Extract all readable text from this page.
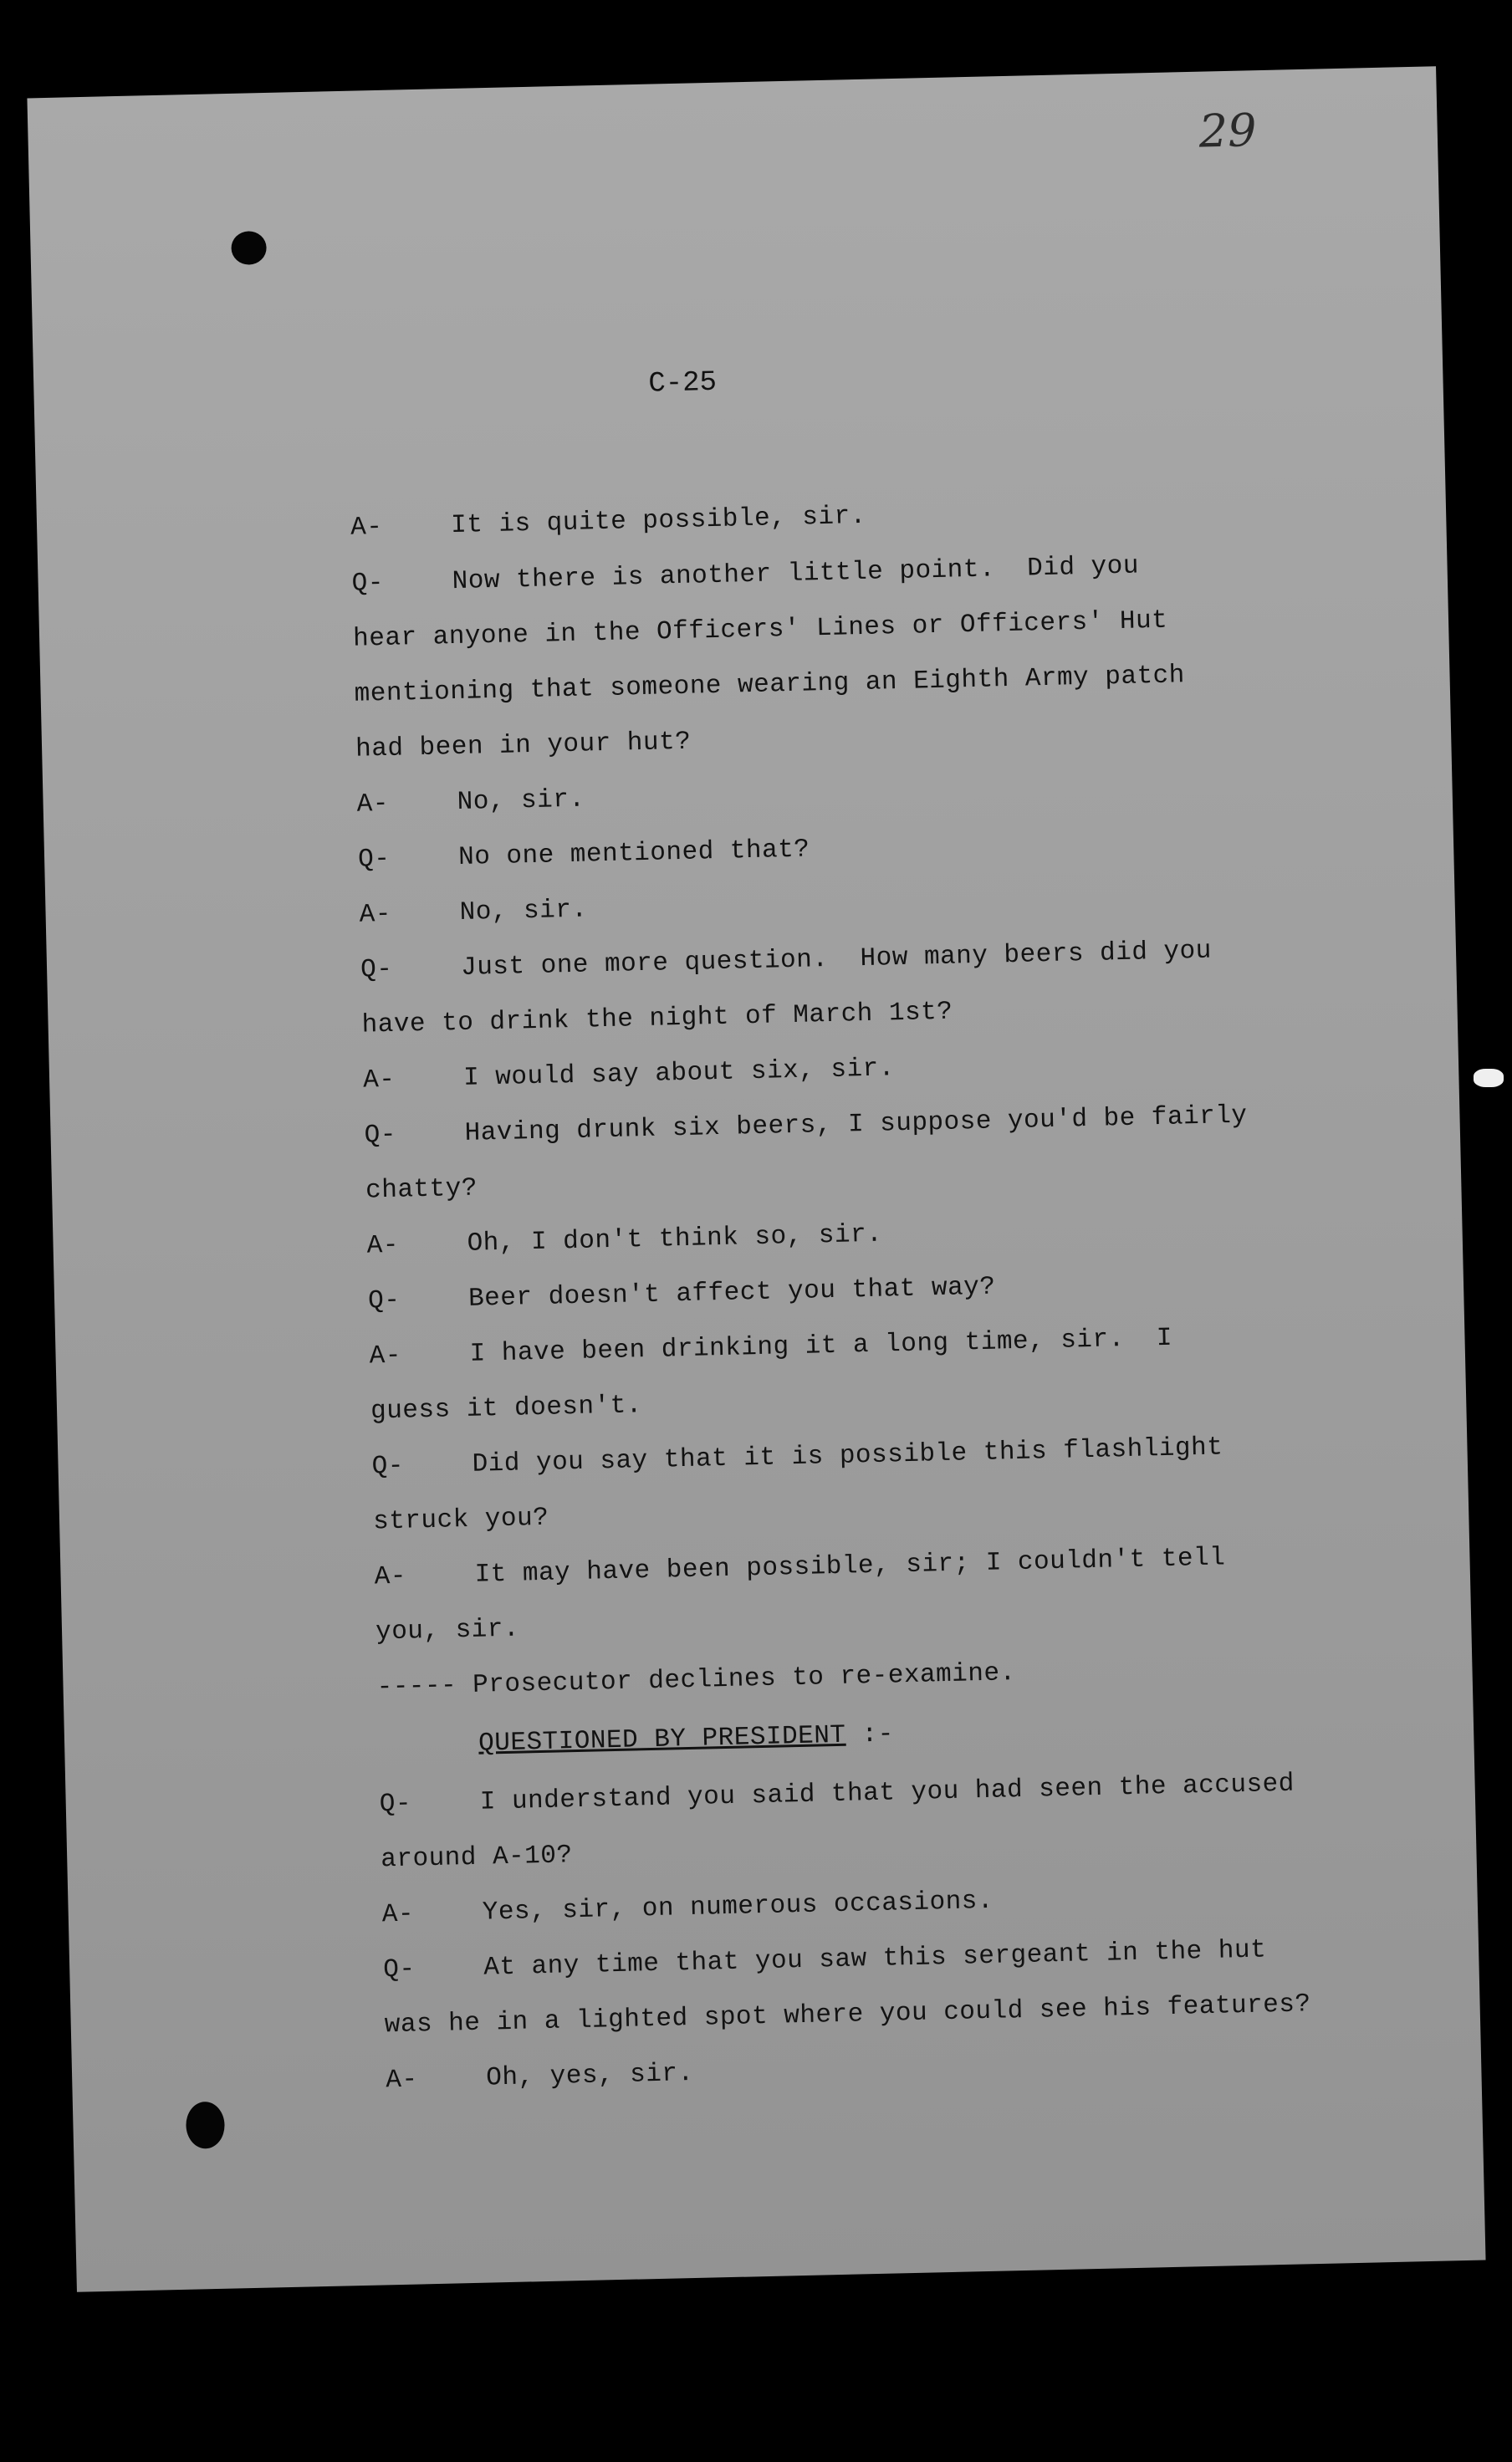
29
C-25
A-	It is quite possible, sir.
Q-	Now there is another little point.  Did you
hear anyone in the Officers' Lines or Officers' Hut
mentioning that someone wearing an Eighth Army patch
had been in your hut?
A-	No, sir.
Q-	No one mentioned that?
A-	No, sir.
Q-	Just one more question.  How many beers did you
have to drink the night of March 1st?
A-	I would say about six, sir.
Q-	Having drunk six beers, I suppose you'd be fairly
chatty?
A-	Oh, I don't think so, sir.
Q-	Beer doesn't affect you that way?
A-	I have been drinking it a long time, sir.  I
guess it doesn't.
Q-	Did you say that it is possible this flashlight
struck you?
A-	It may have been possible, sir; I couldn't tell
you, sir.
----- Prosecutor declines to re-examine.
QUESTIONED BY PRESIDENT :-
Q-	I understand you said that you had seen the accused
around A-10?
A-	Yes, sir, on numerous occasions.
Q-	At any time that you saw this sergeant in the hut
was he in a lighted spot where you could see his features?
A-	Oh, yes, sir.
